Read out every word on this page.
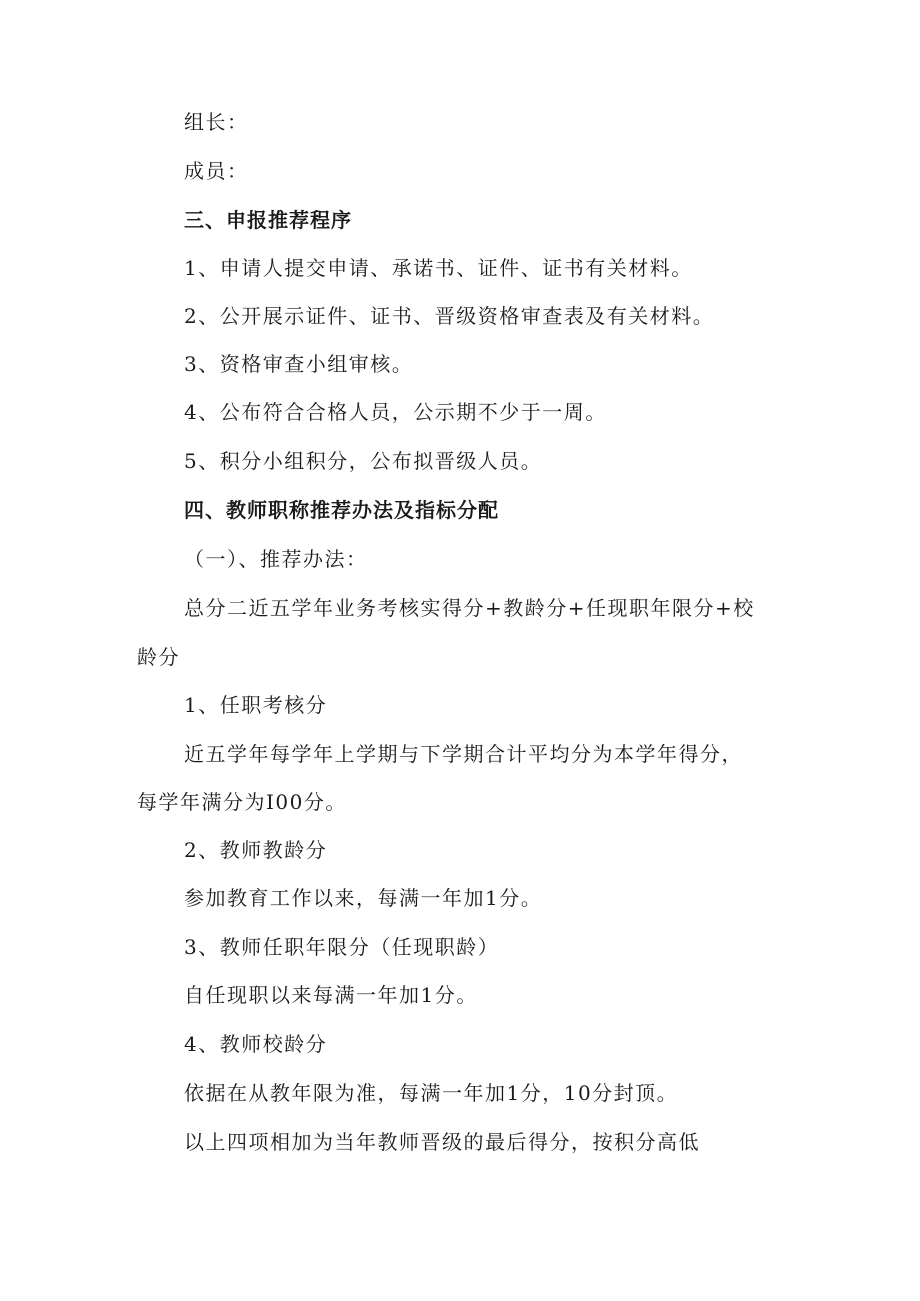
组长：
成员：
三、申报推荐程序
1、申请人提交申请、承诺书、证件、证书有关材料。
2、公开展示证件、证书、晋级资格审查表及有关材料。
3、资格审查小组审核。
4、公布符合合格人员，公示期不少于一周。
5、积分小组积分，公布拟晋级人员。
四、教师职称推荐办法及指标分配
（一）、推荐办法：
总分二近五学年业务考核实得分+教龄分+任现职年限分+校
龄分
1、任职考核分
近五学年每学年上学期与下学期合计平均分为本学年得分，
每学年满分为I00分。
2、教师教龄分
参加教育工作以来，每满一年加1分。
3、教师任职年限分（任现职龄）
自任现职以来每满一年加1分。
4、教师校龄分
依据在从教年限为准，每满一年加1分，10分封顶。
以上四项相加为当年教师晋级的最后得分，按积分高低
